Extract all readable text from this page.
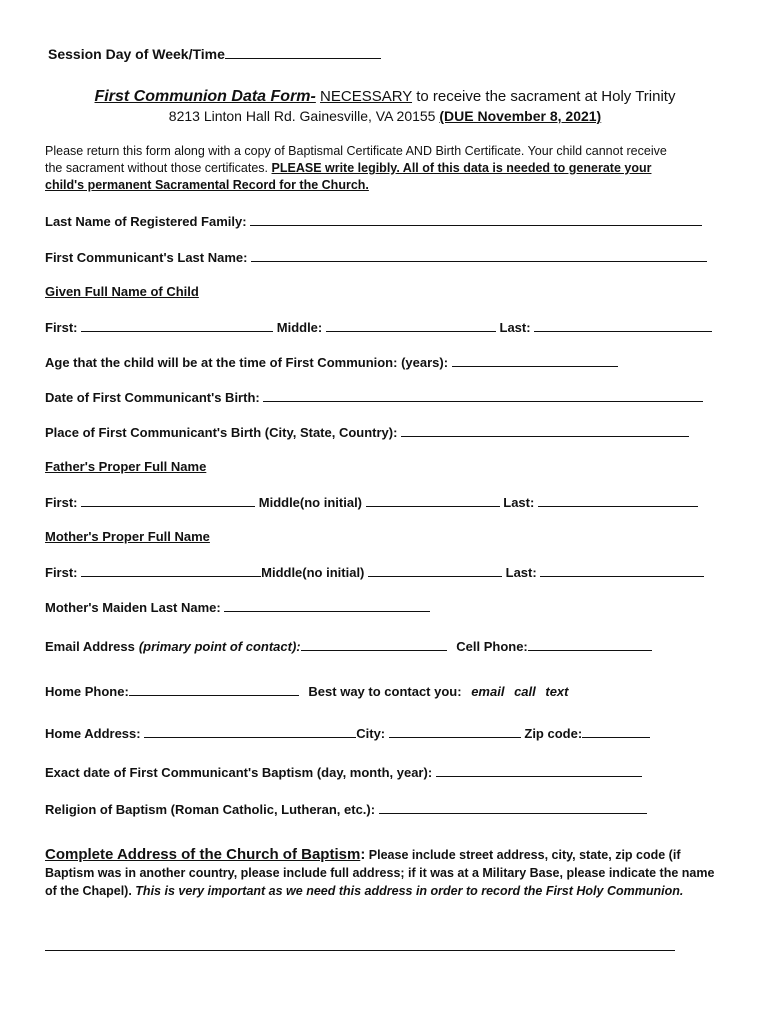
Session Day of Week/Time
First Communion Data Form- NECESSARY to receive the sacrament at Holy Trinity
8213 Linton Hall Rd. Gainesville, VA 20155 (DUE November 8, 2021)
Please return this form along with a copy of Baptismal Certificate AND Birth Certificate. Your child cannot receive the sacrament without those certificates. PLEASE write legibly. All of this data is needed to generate your child's permanent Sacramental Record for the Church.
Last Name of Registered Family:
First Communicant's Last Name:
Given Full Name of Child
First:	Middle:	Last:
Age that the child will be at the time of First Communion: (years):
Date of First Communicant's Birth:
Place of First Communicant's Birth (City, State, Country):
Father's Proper Full Name
First:	Middle(no initial)	Last:
Mother's Proper Full Name
First:	Middle(no initial)	Last:
Mother's Maiden Last Name:
Email Address (primary point of contact):	Cell Phone:
Home Phone:	Best way to contact you: email call text
Home Address:	City:	Zip code:
Exact date of First Communicant's Baptism (day, month, year):
Religion of Baptism (Roman Catholic, Lutheran, etc.):
Complete Address of the Church of Baptism: Please include street address, city, state, zip code (if Baptism was in another country, please include full address; if it was at a Military Base, please indicate the name of the Chapel). This is very important as we need this address in order to record the First Holy Communion.
